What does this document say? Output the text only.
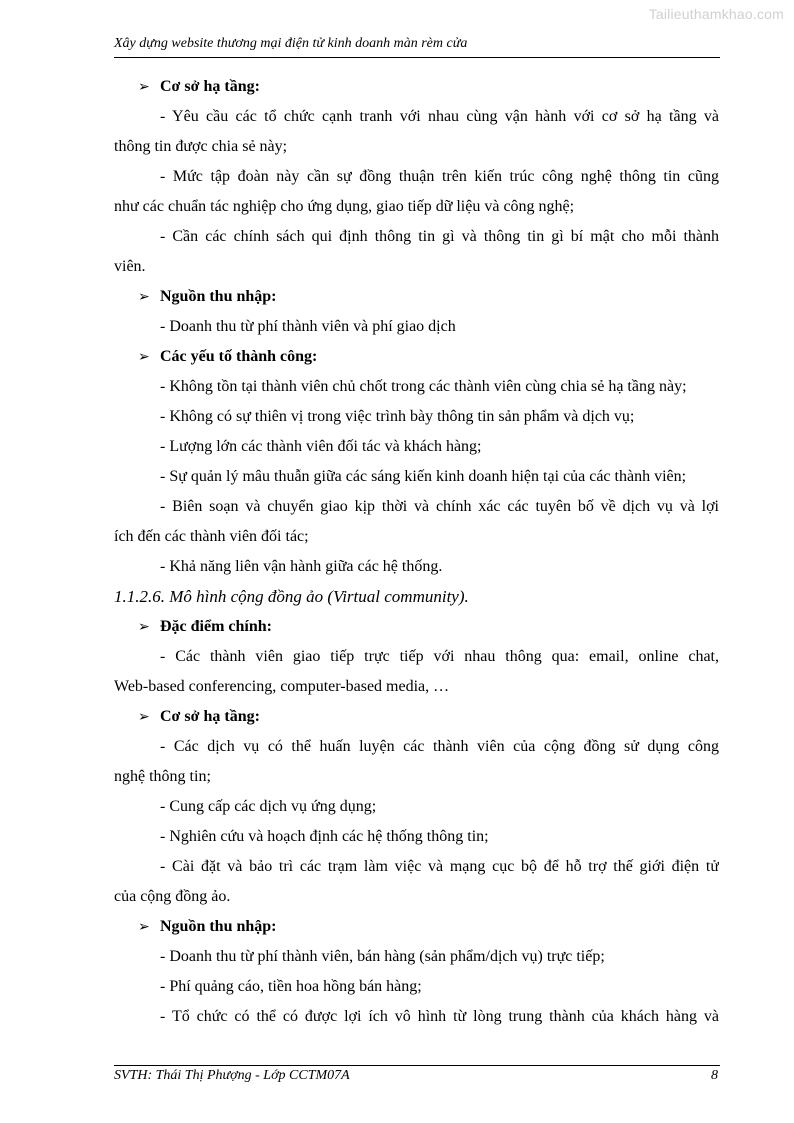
Tailieuthamkhao.com
Xây dựng website thương mại điện tử kinh doanh màn rèm cửa
➢ Cơ sở hạ tầng:
- Yêu cầu các tổ chức cạnh tranh với nhau cùng vận hành với cơ sở hạ tầng và
thông tin được chia sẻ này;
- Mức tập đoàn này cần sự đồng thuận trên kiến trúc công nghệ thông tin cũng
như các chuẩn tác nghiệp cho ứng dụng, giao tiếp dữ liệu và công nghệ;
- Cần các chính sách qui định thông tin gì và thông tin gì bí mật cho mỗi thành
viên.
➢ Nguồn thu nhập:
- Doanh thu từ phí thành viên và phí giao dịch
➢ Các yếu tố thành công:
- Không tồn tại thành viên chủ chốt trong các thành viên cùng chia sẻ hạ tầng này;
- Không có sự thiên vị trong việc trình bày thông tin sản phẩm và dịch vụ;
- Lượng lớn các thành viên đối tác và khách hàng;
- Sự quản lý mâu thuẫn giữa các sáng kiến kinh doanh hiện tại của các thành viên;
- Biên soạn và chuyển giao kịp thời và chính xác các tuyên bố về dịch vụ và lợi
ích đến các thành viên đối tác;
- Khả năng liên vận hành giữa các hệ thống.
1.1.2.6. Mô hình cộng đồng ảo (Virtual community).
➢ Đặc điểm chính:
- Các thành viên giao tiếp trực tiếp với nhau thông qua: email, online chat,
Web-based conferencing, computer-based media, …
➢ Cơ sở hạ tầng:
- Các dịch vụ có thể huấn luyện các thành viên của cộng đồng sử dụng công
nghệ thông tin;
- Cung cấp các dịch vụ ứng dụng;
- Nghiên cứu và hoạch định các hệ thống thông tin;
- Cài đặt và bảo trì các trạm làm việc và mạng cục bộ để hỗ trợ thế giới điện tử
của cộng đồng ảo.
➢ Nguồn thu nhập:
- Doanh thu từ phí thành viên, bán hàng (sản phẩm/dịch vụ) trực tiếp;
- Phí quảng cáo, tiền hoa hồng bán hàng;
- Tổ chức có thể có được lợi ích vô hình từ lòng trung thành của khách hàng và
SVTH: Thái Thị Phượng - Lớp CCTM07A	8
